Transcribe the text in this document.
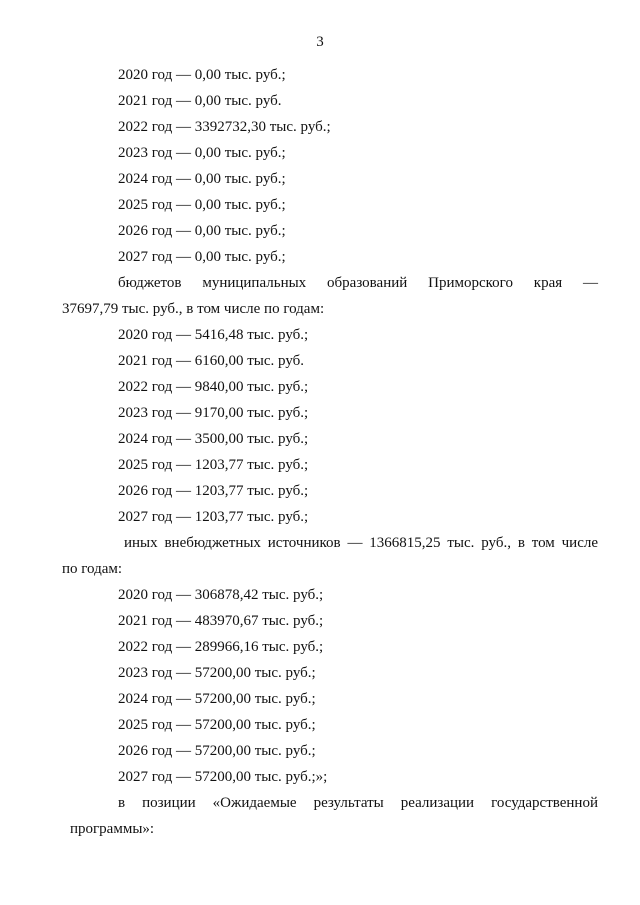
3
2020 год — 0,00 тыс. руб.;
2021 год — 0,00 тыс. руб.
2022 год — 3392732,30 тыс. руб.;
2023 год — 0,00 тыс. руб.;
2024 год — 0,00 тыс. руб.;
2025 год — 0,00 тыс. руб.;
2026 год — 0,00 тыс. руб.;
2027 год — 0,00 тыс. руб.;
бюджетов муниципальных образований Приморского края —
37697,79 тыс. руб., в том числе по годам:
2020 год — 5416,48 тыс. руб.;
2021 год — 6160,00 тыс. руб.
2022 год — 9840,00 тыс. руб.;
2023 год — 9170,00 тыс. руб.;
2024 год — 3500,00 тыс. руб.;
2025 год — 1203,77 тыс. руб.;
2026 год — 1203,77 тыс. руб.;
2027 год — 1203,77 тыс. руб.;
иных внебюджетных источников — 1366815,25 тыс. руб., в том числе
по годам:
2020 год — 306878,42 тыс. руб.;
2021 год — 483970,67 тыс. руб.;
2022 год — 289966,16 тыс. руб.;
2023 год — 57200,00 тыс. руб.;
2024 год — 57200,00 тыс. руб.;
2025 год — 57200,00 тыс. руб.;
2026 год — 57200,00 тыс. руб.;
2027 год — 57200,00 тыс. руб.;»;
в позиции «Ожидаемые результаты реализации государственной
программы»:
